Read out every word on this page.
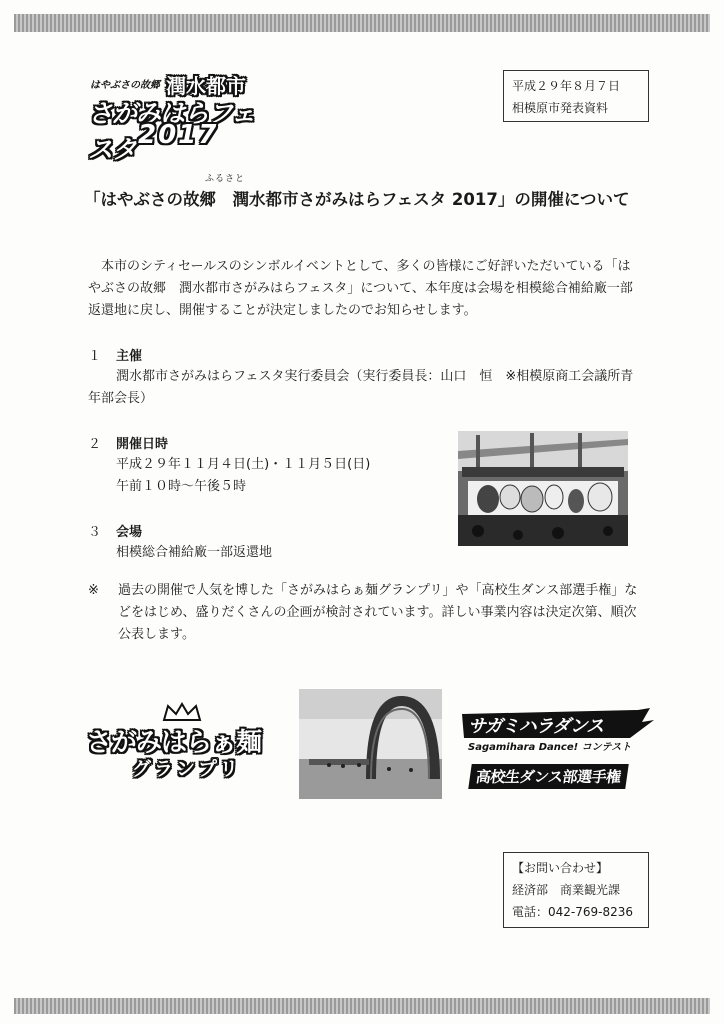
はやぶさの故郷 潤水都市
さがみはらフェスタ 2017
平成２９年８月７日
相模原市発表資料
ふるさと
「はやぶさの故郷　潤水都市さがみはらフェスタ 2017」の開催について

本市のシティセールスのシンボルイベントとして、多くの皆様にご好評いただいている「はやぶさの故郷　潤水都市さがみはらフェスタ」について、本年度は会場を相模総合補給廠一部返還地に戻し、開催することが決定しましたのでお知らせします。

１ 主催

潤水都市さがみはらフェスタ実行委員会（実行委員長：山口　恒　※相模原商工会議所青年部会長）

２ 開催日時
平成２９年１１月４日(土)・１１月５日(日)
午前１０時～午後５時
３ 会場
相模総合補給廠一部返還地
※ 過去の開催で人気を博した「さがみはらぁ麺グランプリ」や「高校生ダンス部選手権」などをはじめ、盛りだくさんの企画が検討されています。詳しい事業内容は決定次第、順次公表します。

さがみはらぁ麺
グランプリ
サガミハラダンス
Sagamihara Dance! コンテスト
高校生ダンス部選手権
【お問い合わせ】
経済部　商業観光課
電話：042-769-8236
